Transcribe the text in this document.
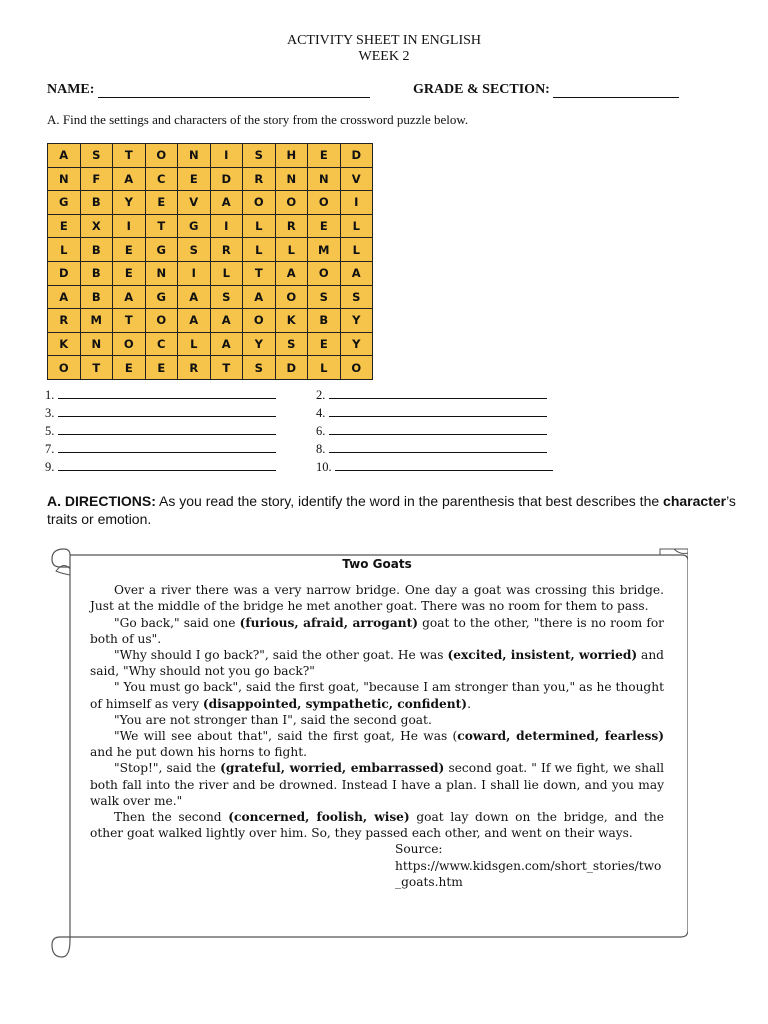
ACTIVITY SHEET IN ENGLISH
WEEK 2
NAME:	GRADE & SECTION:
A. Find the settings and characters of the story from the crossword puzzle below.
A	S	T	O	N	I	S	H	E	D
N	F	A	C	E	D	R	N	N	V
G	B	Y	E	V	A	O	O	O	I
E	X	I	T	G	I	L	R	E	L
L	B	E	G	S	R	L	L	M	L
D	B	E	N	I	L	T	A	O	A
A	B	A	G	A	S	A	O	S	S
R	M	T	O	A	A	O	K	B	Y
K	N	O	C	L	A	Y	S	E	Y
O	T	E	E	R	T	S	D	L	O
1.	2.
3.	4.
5.	6.
7.	8.
9.	10.
A. DIRECTIONS: As you read the story, identify the word in the parenthesis that best describes the character’s traits or emotion.
Two Goats

Over a river there was a very narrow bridge. One day a goat was crossing this bridge. Just at the middle of the bridge he met another goat. There was no room for them to pass.

"Go back," said one (furious, afraid, arrogant) goat to the other, "there is no room for both of us".

"Why should I go back?", said the other goat. He was (excited, insistent, worried) and said, "Why should not you go back?"

" You must go back", said the first goat, "because I am stronger than you," as he thought of himself as very (disappointed, sympathetic, confident).

"You are not stronger than I", said the second goat.

"We will see about that", said the first goat, He was (coward, determined, fearless) and he put down his horns to fight.

"Stop!", said the (grateful, worried, embarrassed) second goat. " If we fight, we shall both fall into the river and be drowned. Instead I have a plan. I shall lie down, and you may walk over me."

Then the second (concerned, foolish, wise) goat lay down on the bridge, and the other goat walked lightly over him. So, they passed each other, and went on their ways.

Source:

https://www.kidsgen.com/short_stories/two_goats.htm
